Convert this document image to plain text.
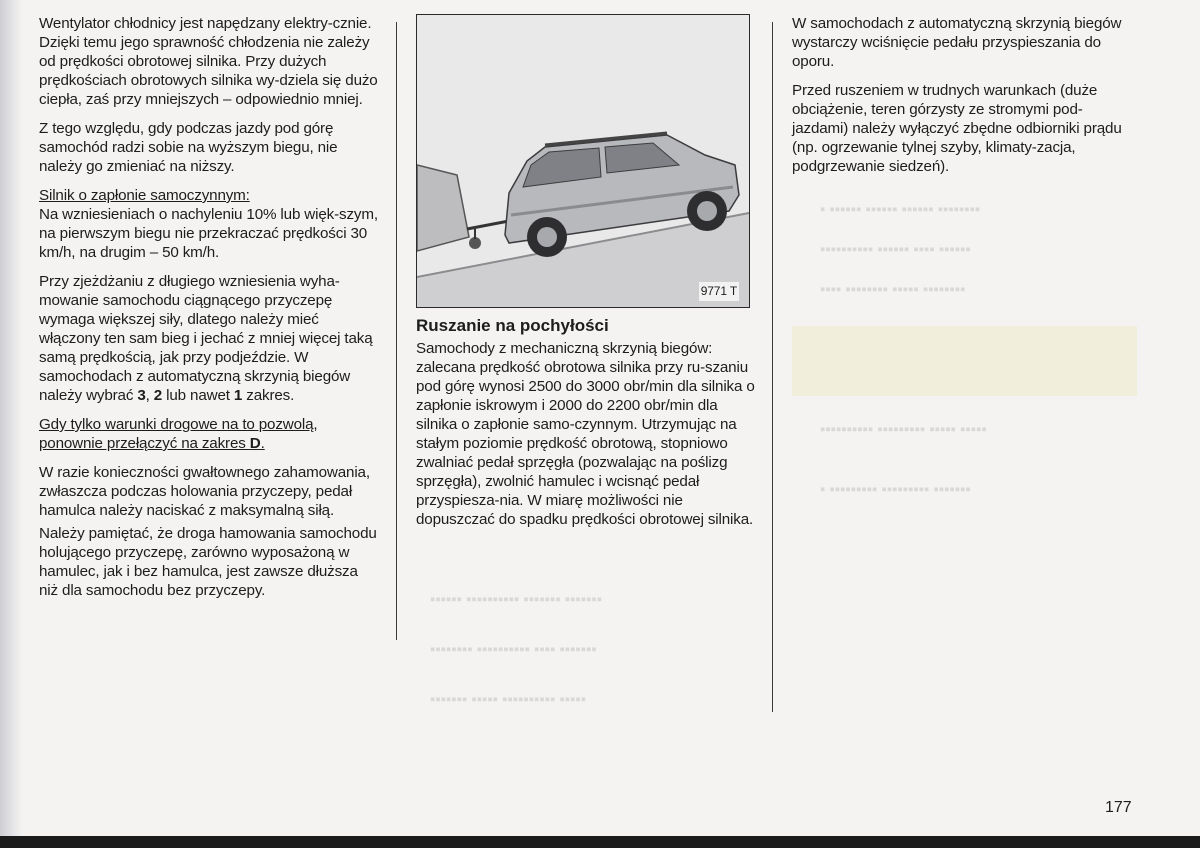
▪ ▪▪▪▪▪▪ ▪▪▪▪▪▪ ▪▪▪▪▪▪ ▪▪▪▪▪▪▪▪
▪▪▪▪▪▪▪▪▪▪ ▪▪▪▪▪▪ ▪▪▪▪ ▪▪▪▪▪▪
▪▪▪▪ ▪▪▪▪▪▪▪▪ ▪▪▪▪▪ ▪▪▪▪▪▪▪▪
▪▪▪▪▪▪▪▪▪▪ ▪▪▪▪▪▪▪▪▪ ▪▪▪▪▪ ▪▪▪▪▪
▪ ▪▪▪▪▪▪▪▪▪ ▪▪▪▪▪▪▪▪▪ ▪▪▪▪▪▪▪
▪▪▪▪▪▪ ▪▪▪▪▪▪▪▪▪▪ ▪▪▪▪▪▪▪ ▪▪▪▪▪▪▪
▪▪▪▪▪▪▪▪ ▪▪▪▪▪▪▪▪▪▪ ▪▪▪▪ ▪▪▪▪▪▪▪
▪▪▪▪▪▪▪ ▪▪▪▪▪ ▪▪▪▪▪▪▪▪▪▪ ▪▪▪▪▪

Wentylator chłodnicy jest napędzany elektry-cznie. Dzięki temu jego sprawność chłodzenia nie zależy od prędkości obrotowej silnika. Przy dużych prędkościach obrotowych silnika wy-dziela się dużo ciepła, zaś przy mniejszych – odpowiednio mniej.

Z tego względu, gdy podczas jazdy pod górę samochód radzi sobie na wyższym biegu, nie należy go zmieniać na niższy.

Silnik o zapłonie samoczynnym:
Na wzniesieniach o nachyleniu 10% lub więk-szym, na pierwszym biegu nie przekraczać prędkości 30 km/h, na drugim – 50 km/h.

Przy zjeżdżaniu z długiego wzniesienia wyha-mowanie samochodu ciągnącego przyczepę wymaga większej siły, dlatego należy mieć włączony ten sam bieg i jechać z mniej więcej taką samą prędkością, jak przy podjeździe. W samochodach z automatyczną skrzynią biegów należy wybrać 3, 2 lub nawet 1 zakres.

Gdy tylko warunki drogowe na to pozwolą, ponownie przełączyć na zakres D.

W razie konieczności gwałtownego zahamowania, zwłaszcza podczas holowania przyczepy, pedał hamulca należy naciskać z maksymalną siłą.

Należy pamiętać, że droga hamowania samochodu holującego przyczepę, zarówno wyposażoną w hamulec, jak i bez hamulca, jest zawsze dłuższa niż dla samochodu bez przyczepy.

9771 T
Ruszanie na pochyłości

Samochody z mechaniczną skrzynią biegów: zalecana prędkość obrotowa silnika przy ru-szaniu pod górę wynosi 2500 do 3000 obr/min dla silnika o zapłonie iskrowym i 2000 do 2200 obr/min dla silnika o zapłonie samo-czynnym. Utrzymując na stałym poziomie prędkość obrotową, stopniowo zwalniać pedał sprzęgła (pozwalając na poślizg sprzęgła), zwolnić hamulec i wcisnąć pedał przyspiesza-nia. W miarę możliwości nie dopuszczać do spadku prędkości obrotowej silnika.

W samochodach z automatyczną skrzynią biegów wystarczy wciśnięcie pedału przyspieszania do oporu.

Przed ruszeniem w trudnych warunkach (duże obciążenie, teren górzysty ze stromymi pod-jazdami) należy wyłączyć zbędne odbiorniki prądu (np. ogrzewanie tylnej szyby, klimaty-zacja, podgrzewanie siedzeń).

177
